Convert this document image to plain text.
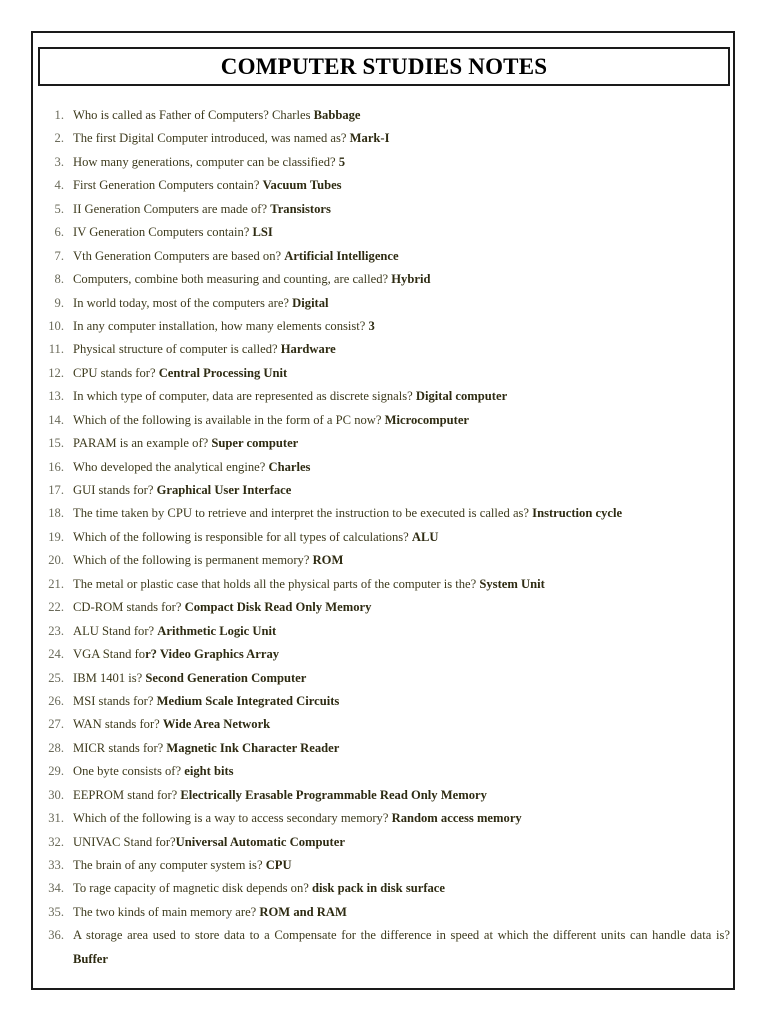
COMPUTER STUDIES NOTES
1. Who is called as Father of Computers? Charles Babbage
2. The first Digital Computer introduced, was named as? Mark-I
3. How many generations, computer can be classified? 5
4. First Generation Computers contain? Vacuum Tubes
5. II Generation Computers are made of? Transistors
6. IV Generation Computers contain? LSI
7. Vth Generation Computers are based on? Artificial Intelligence
8. Computers, combine both measuring and counting, are called? Hybrid
9. In world today, most of the computers are? Digital
10. In any computer installation, how many elements consist? 3
11. Physical structure of computer is called? Hardware
12. CPU stands for? Central Processing Unit
13. In which type of computer, data are represented as discrete signals? Digital computer
14. Which of the following is available in the form of a PC now? Microcomputer
15. PARAM is an example of? Super computer
16. Who developed the analytical engine? Charles
17. GUI stands for? Graphical User Interface
18. The time taken by CPU to retrieve and interpret the instruction to be executed is called as? Instruction cycle
19. Which of the following is responsible for all types of calculations? ALU
20. Which of the following is permanent memory? ROM
21. The metal or plastic case that holds all the physical parts of the computer is the? System Unit
22. CD-ROM stands for? Compact Disk Read Only Memory
23. ALU Stand for? Arithmetic Logic Unit
24. VGA Stand for? Video Graphics Array
25. IBM 1401 is? Second Generation Computer
26. MSI stands for? Medium Scale Integrated Circuits
27. WAN stands for? Wide Area Network
28. MICR stands for? Magnetic Ink Character Reader
29. One byte consists of? eight bits
30. EEPROM stand for? Electrically Erasable Programmable Read Only Memory
31. Which of the following is a way to access secondary memory? Random access memory
32. UNIVAC Stand for?Universal Automatic Computer
33. The brain of any computer system is? CPU
34. To rage capacity of magnetic disk depends on? disk pack in disk surface
35. The two kinds of main memory are? ROM and RAM
36. A storage area used to store data to a Compensate for the difference in speed at which the different units can handle data is? Buffer
